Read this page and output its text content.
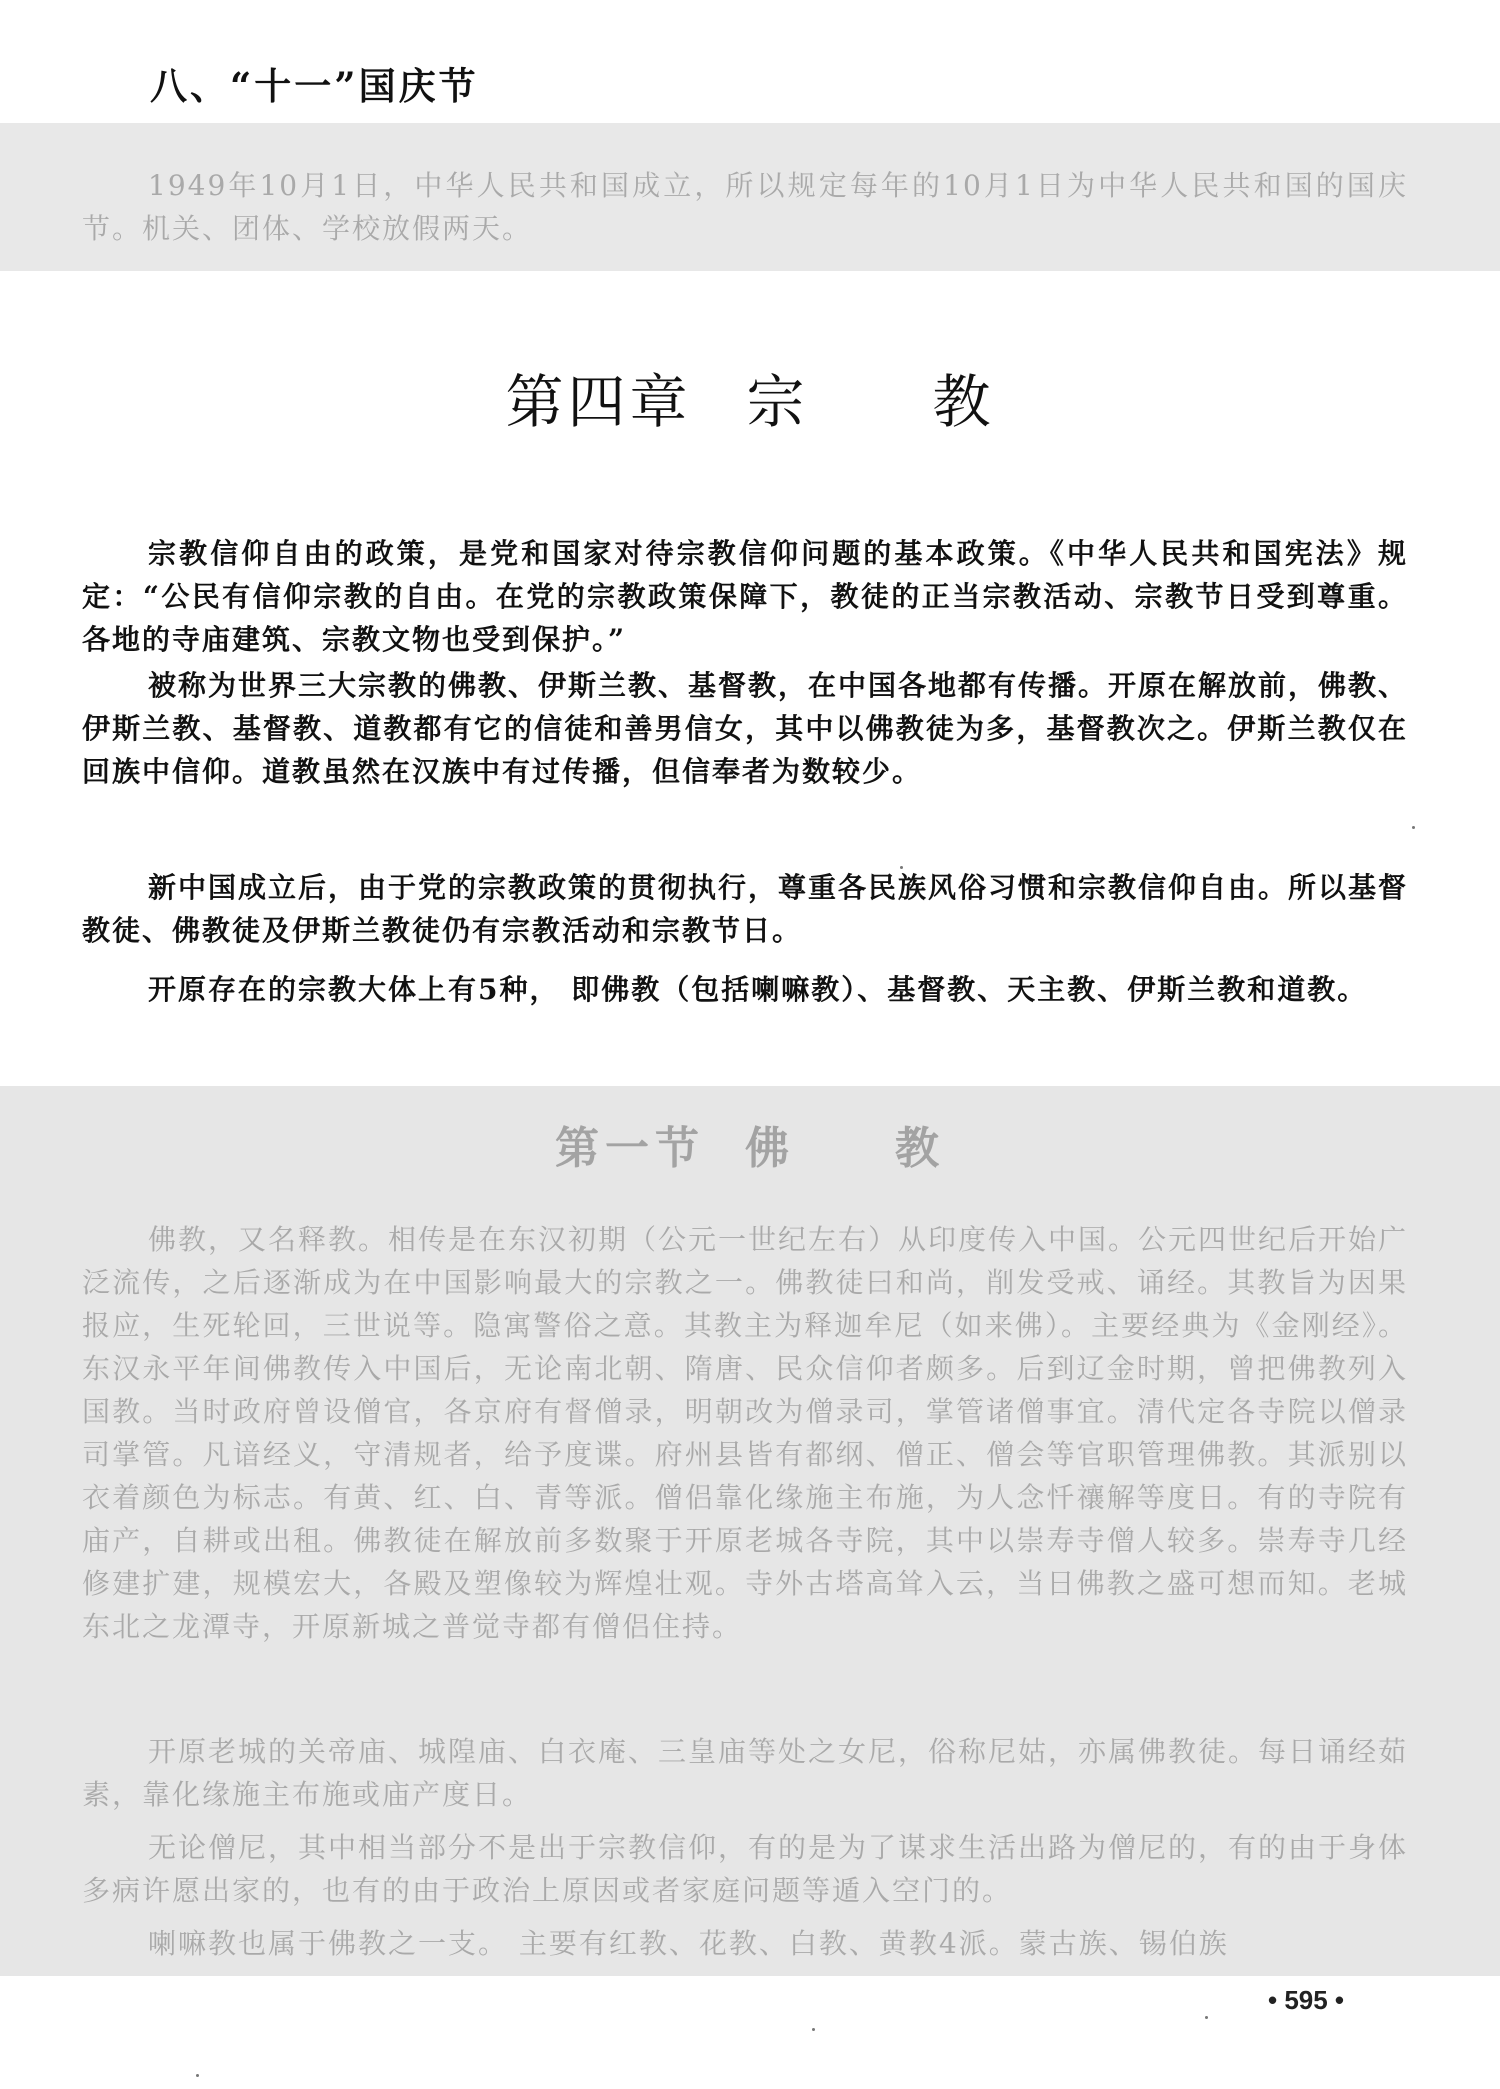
八、“十一”国庆节

1949年10月1日，中华人民共和国成立，所以规定每年的10月1日为中华人民共和国的国庆节。机关、团体、学校放假两天。

第四章 宗　　教

宗教信仰自由的政策，是党和国家对待宗教信仰问题的基本政策。《中华人民共和国宪法》规定：“公民有信仰宗教的自由。在党的宗教政策保障下，教徒的正当宗教活动、宗教节日受到尊重。各地的寺庙建筑、宗教文物也受到保护。”

被称为世界三大宗教的佛教、伊斯兰教、基督教，在中国各地都有传播。开原在解放前，佛教、伊斯兰教、基督教、道教都有它的信徒和善男信女，其中以佛教徒为多，基督教次之。伊斯兰教仅在回族中信仰。道教虽然在汉族中有过传播，但信奉者为数较少。

新中国成立后，由于党的宗教政策的贯彻执行，尊重各民族风俗习惯和宗教信仰自由。所以基督教徒、佛教徒及伊斯兰教徒仍有宗教活动和宗教节日。

开原存在的宗教大体上有5种， 即佛教（包括喇嘛教）、基督教、天主教、伊斯兰教和道教。

第一节 佛　　教

佛教，又名释教。相传是在东汉初期（公元一世纪左右）从印度传入中国。公元四世纪后开始广泛流传，之后逐渐成为在中国影响最大的宗教之一。佛教徒曰和尚，削发受戒、诵经。其教旨为因果报应，生死轮回，三世说等。隐寓警俗之意。其教主为释迦牟尼（如来佛）。主要经典为《金刚经》。东汉永平年间佛教传入中国后，无论南北朝、隋唐、民众信仰者颇多。后到辽金时期，曾把佛教列入国教。当时政府曾设僧官，各京府有督僧录，明朝改为僧录司，掌管诸僧事宜。清代定各寺院以僧录司掌管。凡谙经义，守清规者，给予度谍。府州县皆有都纲、僧正、僧会等官职管理佛教。其派别以衣着颜色为标志。有黄、红、白、青等派。僧侣靠化缘施主布施，为人念忏禳解等度日。有的寺院有庙产，自耕或出租。佛教徒在解放前多数聚于开原老城各寺院，其中以崇寿寺僧人较多。崇寿寺几经修建扩建，规模宏大，各殿及塑像较为辉煌壮观。寺外古塔高耸入云，当日佛教之盛可想而知。老城东北之龙潭寺，开原新城之普觉寺都有僧侣住持。

开原老城的关帝庙、城隍庙、白衣庵、三皇庙等处之女尼，俗称尼姑，亦属佛教徒。每日诵经茹素，靠化缘施主布施或庙产度日。

无论僧尼，其中相当部分不是出于宗教信仰，有的是为了谋求生活出路为僧尼的，有的由于身体多病许愿出家的，也有的由于政治上原因或者家庭问题等遁入空门的。

喇嘛教也属于佛教之一支。 主要有红教、花教、白教、黄教4派。蒙古族、锡伯族

• 595 •
